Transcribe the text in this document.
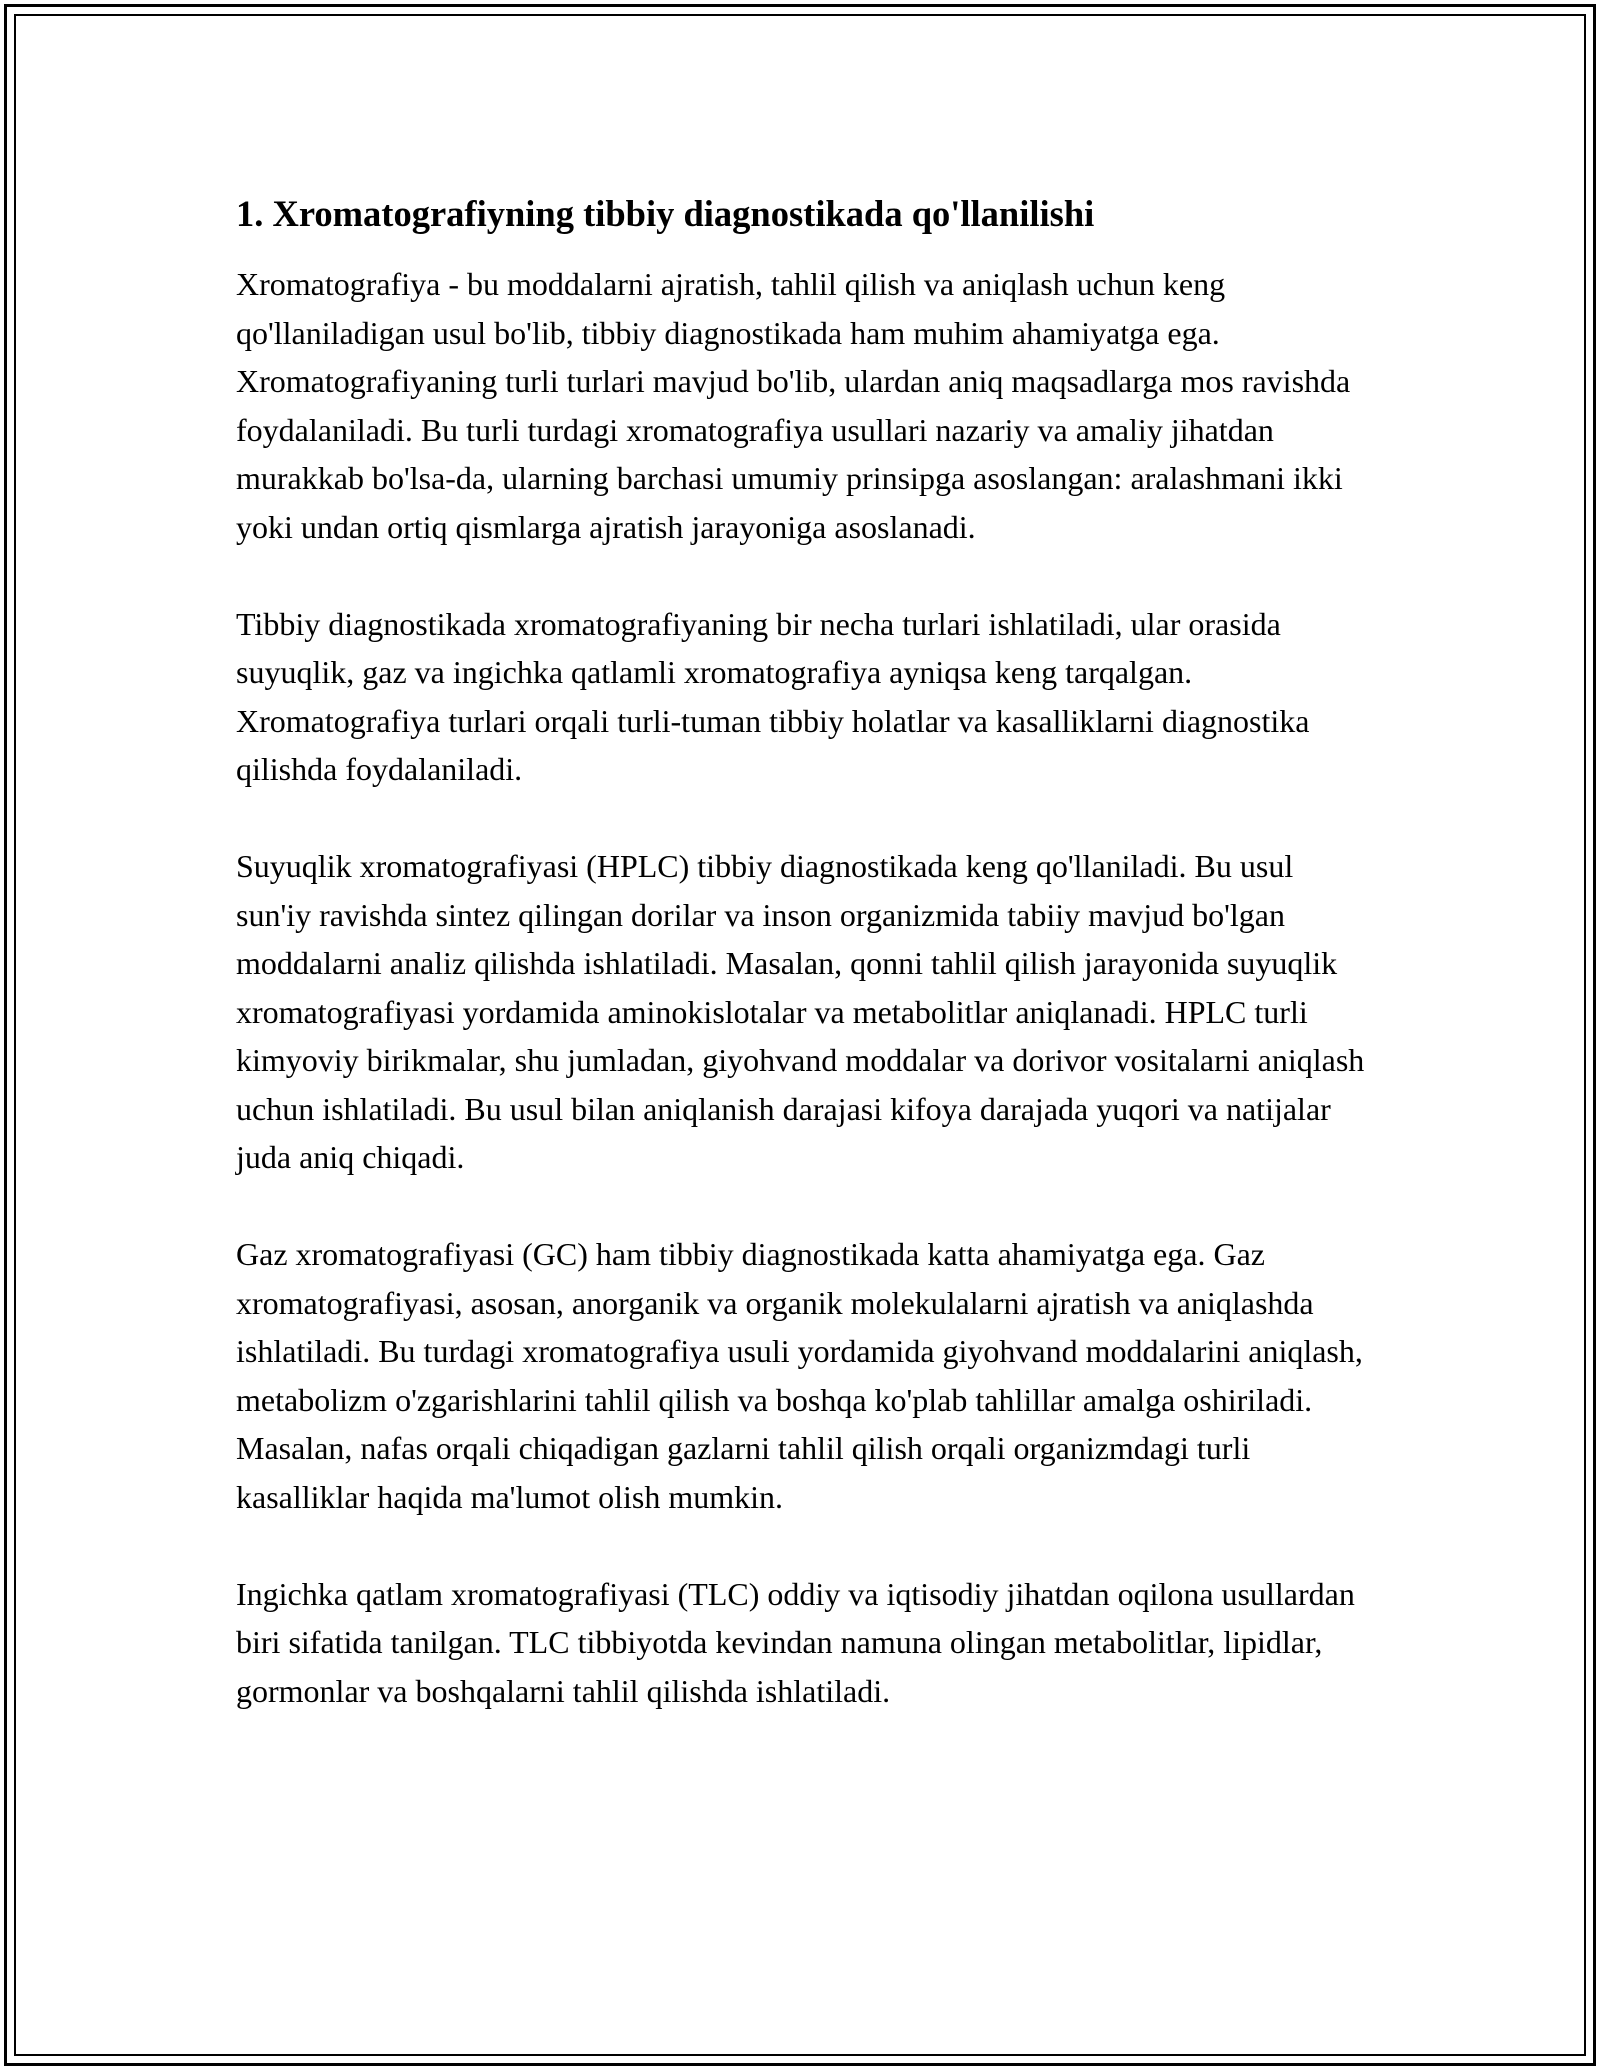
1. Xromatografiyning tibbiy diagnostikada qo'llanilishi

Xromatografiya - bu moddalarni ajratish, tahlil qilish va aniqlash uchun keng qo'llaniladigan usul bo'lib, tibbiy diagnostikada ham muhim ahamiyatga ega. Xromatografiyaning turli turlari mavjud bo'lib, ulardan aniq maqsadlarga mos ravishda foydalaniladi. Bu turli turdagi xromatografiya usullari nazariy va amaliy jihatdan murakkab bo'lsa-da, ularning barchasi umumiy prinsipga asoslangan: aralashmani ikki yoki undan ortiq qismlarga ajratish jarayoniga asoslanadi.

Tibbiy diagnostikada xromatografiyaning bir necha turlari ishlatiladi, ular orasida suyuqlik, gaz va ingichka qatlamli xromatografiya ayniqsa keng tarqalgan. Xromatografiya turlari orqali turli-tuman tibbiy holatlar va kasalliklarni diagnostika qilishda foydalaniladi.

Suyuqlik xromatografiyasi (HPLC) tibbiy diagnostikada keng qo'llaniladi. Bu usul sun'iy ravishda sintez qilingan dorilar va inson organizmida tabiiy mavjud bo'lgan moddalarni analiz qilishda ishlatiladi. Masalan, qonni tahlil qilish jarayonida suyuqlik xromatografiyasi yordamida aminokislotalar va metabolitlar aniqlanadi. HPLC turli kimyoviy birikmalar, shu jumladan, giyohvand moddalar va dorivor vositalarni aniqlash uchun ishlatiladi. Bu usul bilan aniqlanish darajasi kifoya darajada yuqori va natijalar juda aniq chiqadi.

Gaz xromatografiyasi (GC) ham tibbiy diagnostikada katta ahamiyatga ega. Gaz xromatografiyasi, asosan, anorganik va organik molekulalarni ajratish va aniqlashda ishlatiladi. Bu turdagi xromatografiya usuli yordamida giyohvand moddalarini aniqlash, metabolizm o'zgarishlarini tahlil qilish va boshqa ko'plab tahlillar amalga oshiriladi. Masalan, nafas orqali chiqadigan gazlarni tahlil qilish orqali organizmdagi turli kasalliklar haqida ma'lumot olish mumkin.

Ingichka qatlam xromatografiyasi (TLC) oddiy va iqtisodiy jihatdan oqilona usullardan biri sifatida tanilgan. TLC tibbiyotda kevindan namuna olingan metabolitlar, lipidlar, gormonlar va boshqalarni tahlil qilishda ishlatiladi.
